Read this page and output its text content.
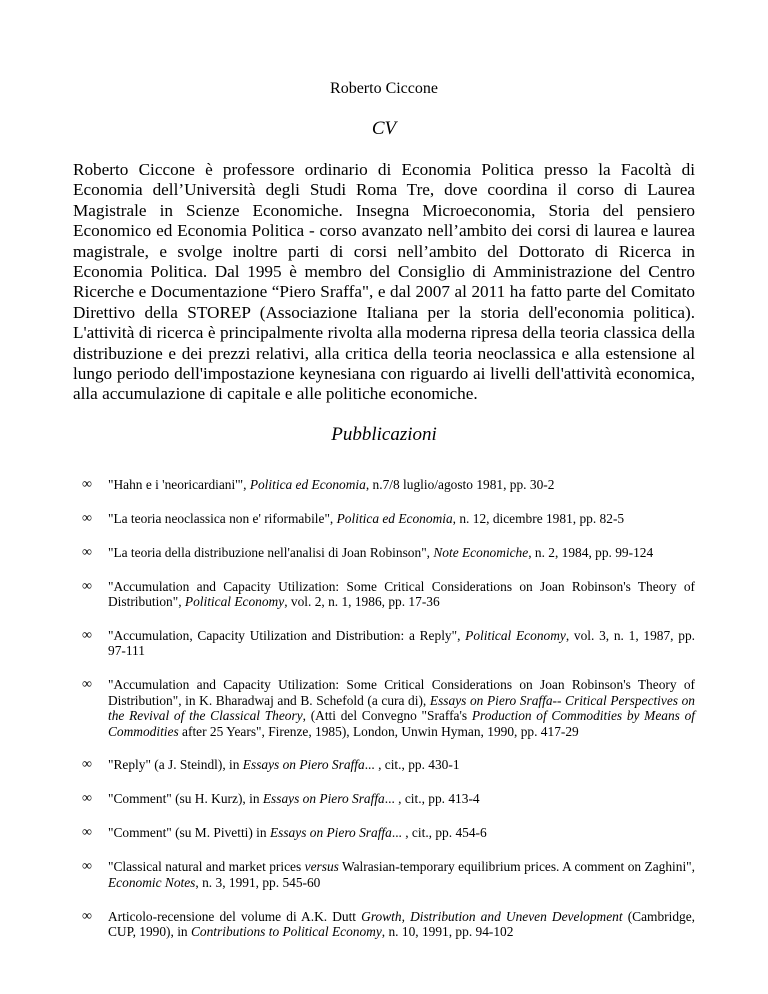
Roberto Ciccone
CV

Roberto Ciccone è professore ordinario di Economia Politica presso la Facoltà di Economia dell’Università degli Studi Roma Tre, dove coordina il corso di Laurea Magistrale in Scienze Economiche. Insegna Microeconomia, Storia del pensiero Economico ed Economia Politica - corso avanzato nell’ambito dei corsi di laurea e laurea magistrale, e svolge inoltre parti di corsi nell’ambito del Dottorato di Ricerca in Economia Politica. Dal 1995 è membro del Consiglio di Amministrazione del Centro Ricerche e Documentazione “Piero Sraffa", e dal 2007 al 2011 ha fatto parte del Comitato Direttivo della STOREP (Associazione Italiana per la storia dell'economia politica). L'attività di ricerca è principalmente rivolta alla moderna ripresa della teoria classica della distribuzione e dei prezzi relativi, alla critica della teoria neoclassica e alla estensione al lungo periodo dell'impostazione keynesiana con riguardo ai livelli dell'attività economica, alla accumulazione di capitale e alle politiche economiche.

Pubblicazioni
∞ "Hahn e i 'neoricardiani'", Politica ed Economia, n.7/8 luglio/agosto 1981, pp. 30-2
∞ "La teoria neoclassica non e' riformabile", Politica ed Economia, n. 12, dicembre 1981, pp. 82-5
∞ "La teoria della distribuzione nell'analisi di Joan Robinson", Note Economiche, n. 2, 1984, pp. 99-124
∞ "Accumulation and Capacity Utilization: Some Critical Considerations on Joan Robinson's Theory of Distribution", Political Economy, vol. 2, n. 1, 1986, pp. 17-36
∞ "Accumulation, Capacity Utilization and Distribution: a Reply", Political Economy, vol. 3, n. 1, 1987, pp. 97-111
∞ "Accumulation and Capacity Utilization: Some Critical Considerations on Joan Robinson's Theory of Distribution", in K. Bharadwaj and B. Schefold (a cura di), Essays on Piero Sraffa-- Critical Perspectives on the Revival of the Classical Theory, (Atti del Convegno "Sraffa's Production of Commodities by Means of Commodities after 25 Years", Firenze, 1985), London, Unwin Hyman, 1990, pp. 417-29
∞ "Reply" (a J. Steindl), in Essays on Piero Sraffa... , cit., pp. 430-1
∞ "Comment" (su H. Kurz), in Essays on Piero Sraffa... , cit., pp. 413-4
∞ "Comment" (su M. Pivetti) in Essays on Piero Sraffa... , cit., pp. 454-6
∞ "Classical natural and market prices versus Walrasian-temporary equilibrium prices. A comment on Zaghini", Economic Notes, n. 3, 1991, pp. 545-60
∞ Articolo-recensione del volume di A.K. Dutt Growth, Distribution and Uneven Development (Cambridge, CUP, 1990), in Contributions to Political Economy, n. 10, 1991, pp. 94-102
